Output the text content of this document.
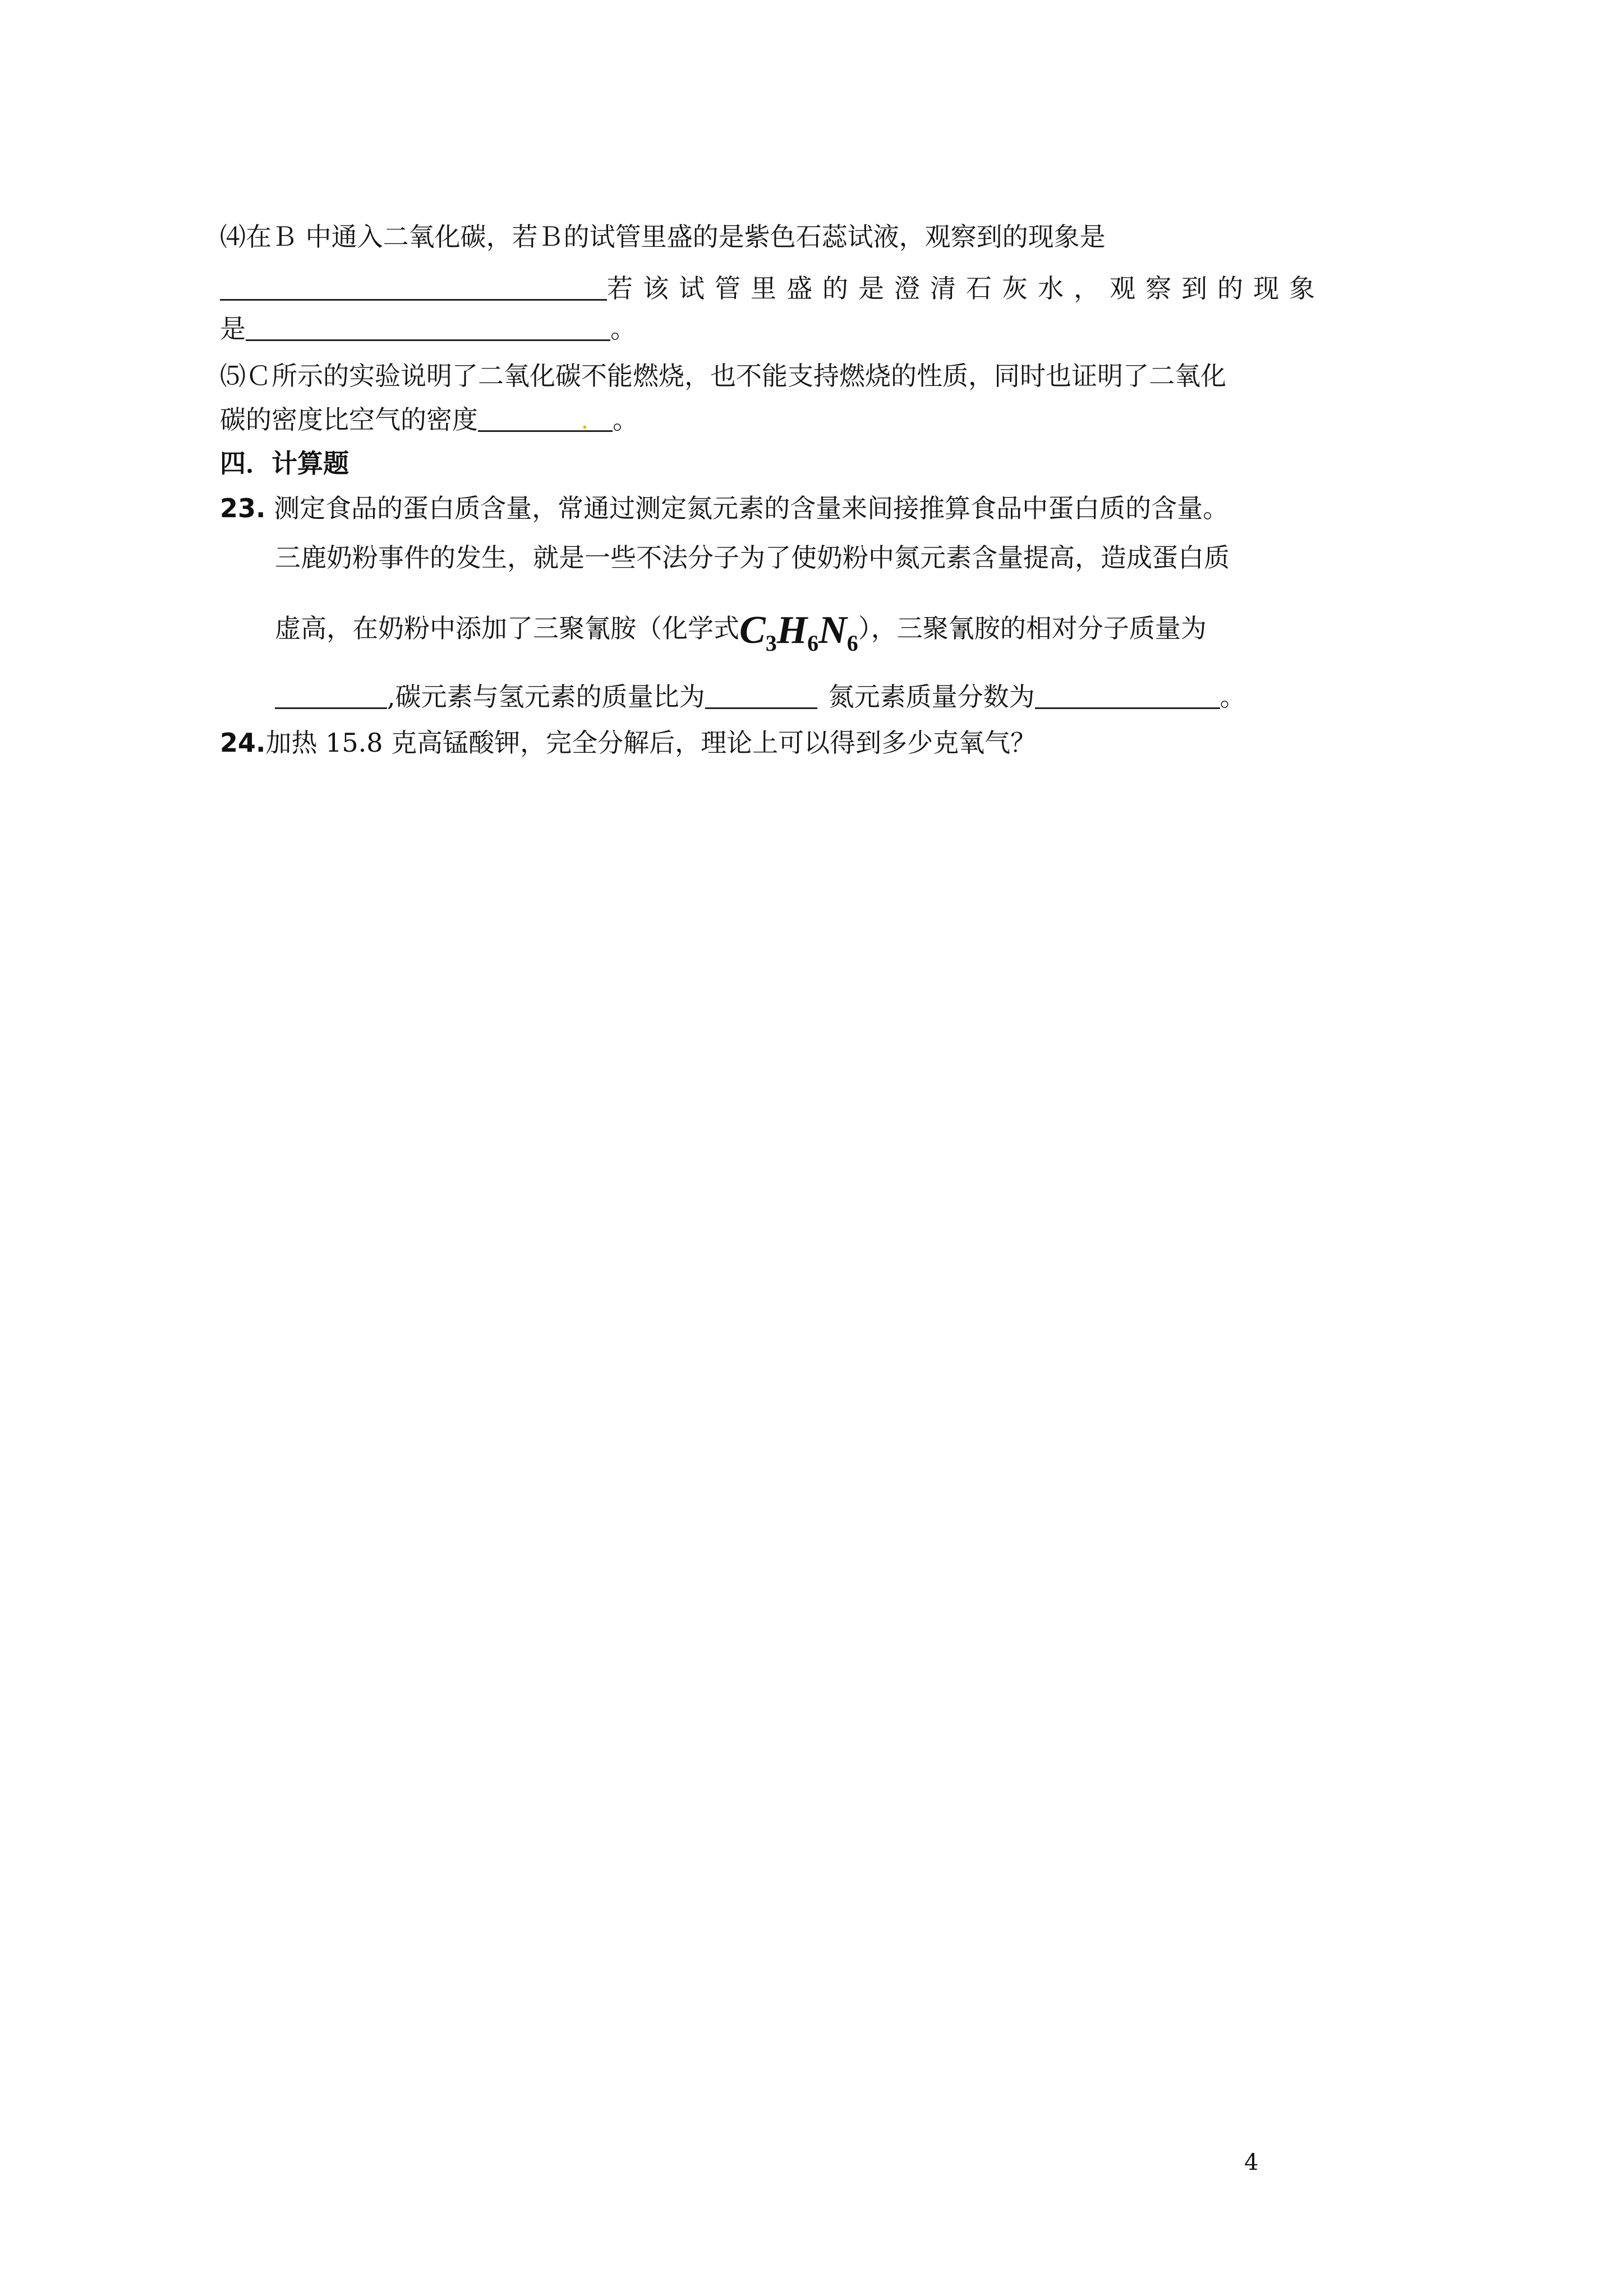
⑷在Ｂ 中通入二氧化碳，若Ｂ的试管里盛的是紫色石蕊试液，观察到的现象是
若该试管里盛的是澄清石灰水，观察到的现象
是	。
⑸Ｃ所示的实验说明了二氧化碳不能燃烧，也不能支持燃烧的性质，同时也证明了二氧化
碳的密度比空气的密度	。
四．计算题
23. 测定食品的蛋白质含量，常通过测定氮元素的含量来间接推算食品中蛋白质的含量。
三鹿奶粉事件的发生，就是一些不法分子为了使奶粉中氮元素含量提高，造成蛋白质
虚高，在奶粉中添加了三聚氰胺（化学式$C_3H_6N_6$），三聚氰胺的相对分子质量为
,碳元素与氢元素的质量比为	氮元素质量分数为	。
24.加热 15.8 克高锰酸钾，完全分解后，理论上可以得到多少克氧气？
4
